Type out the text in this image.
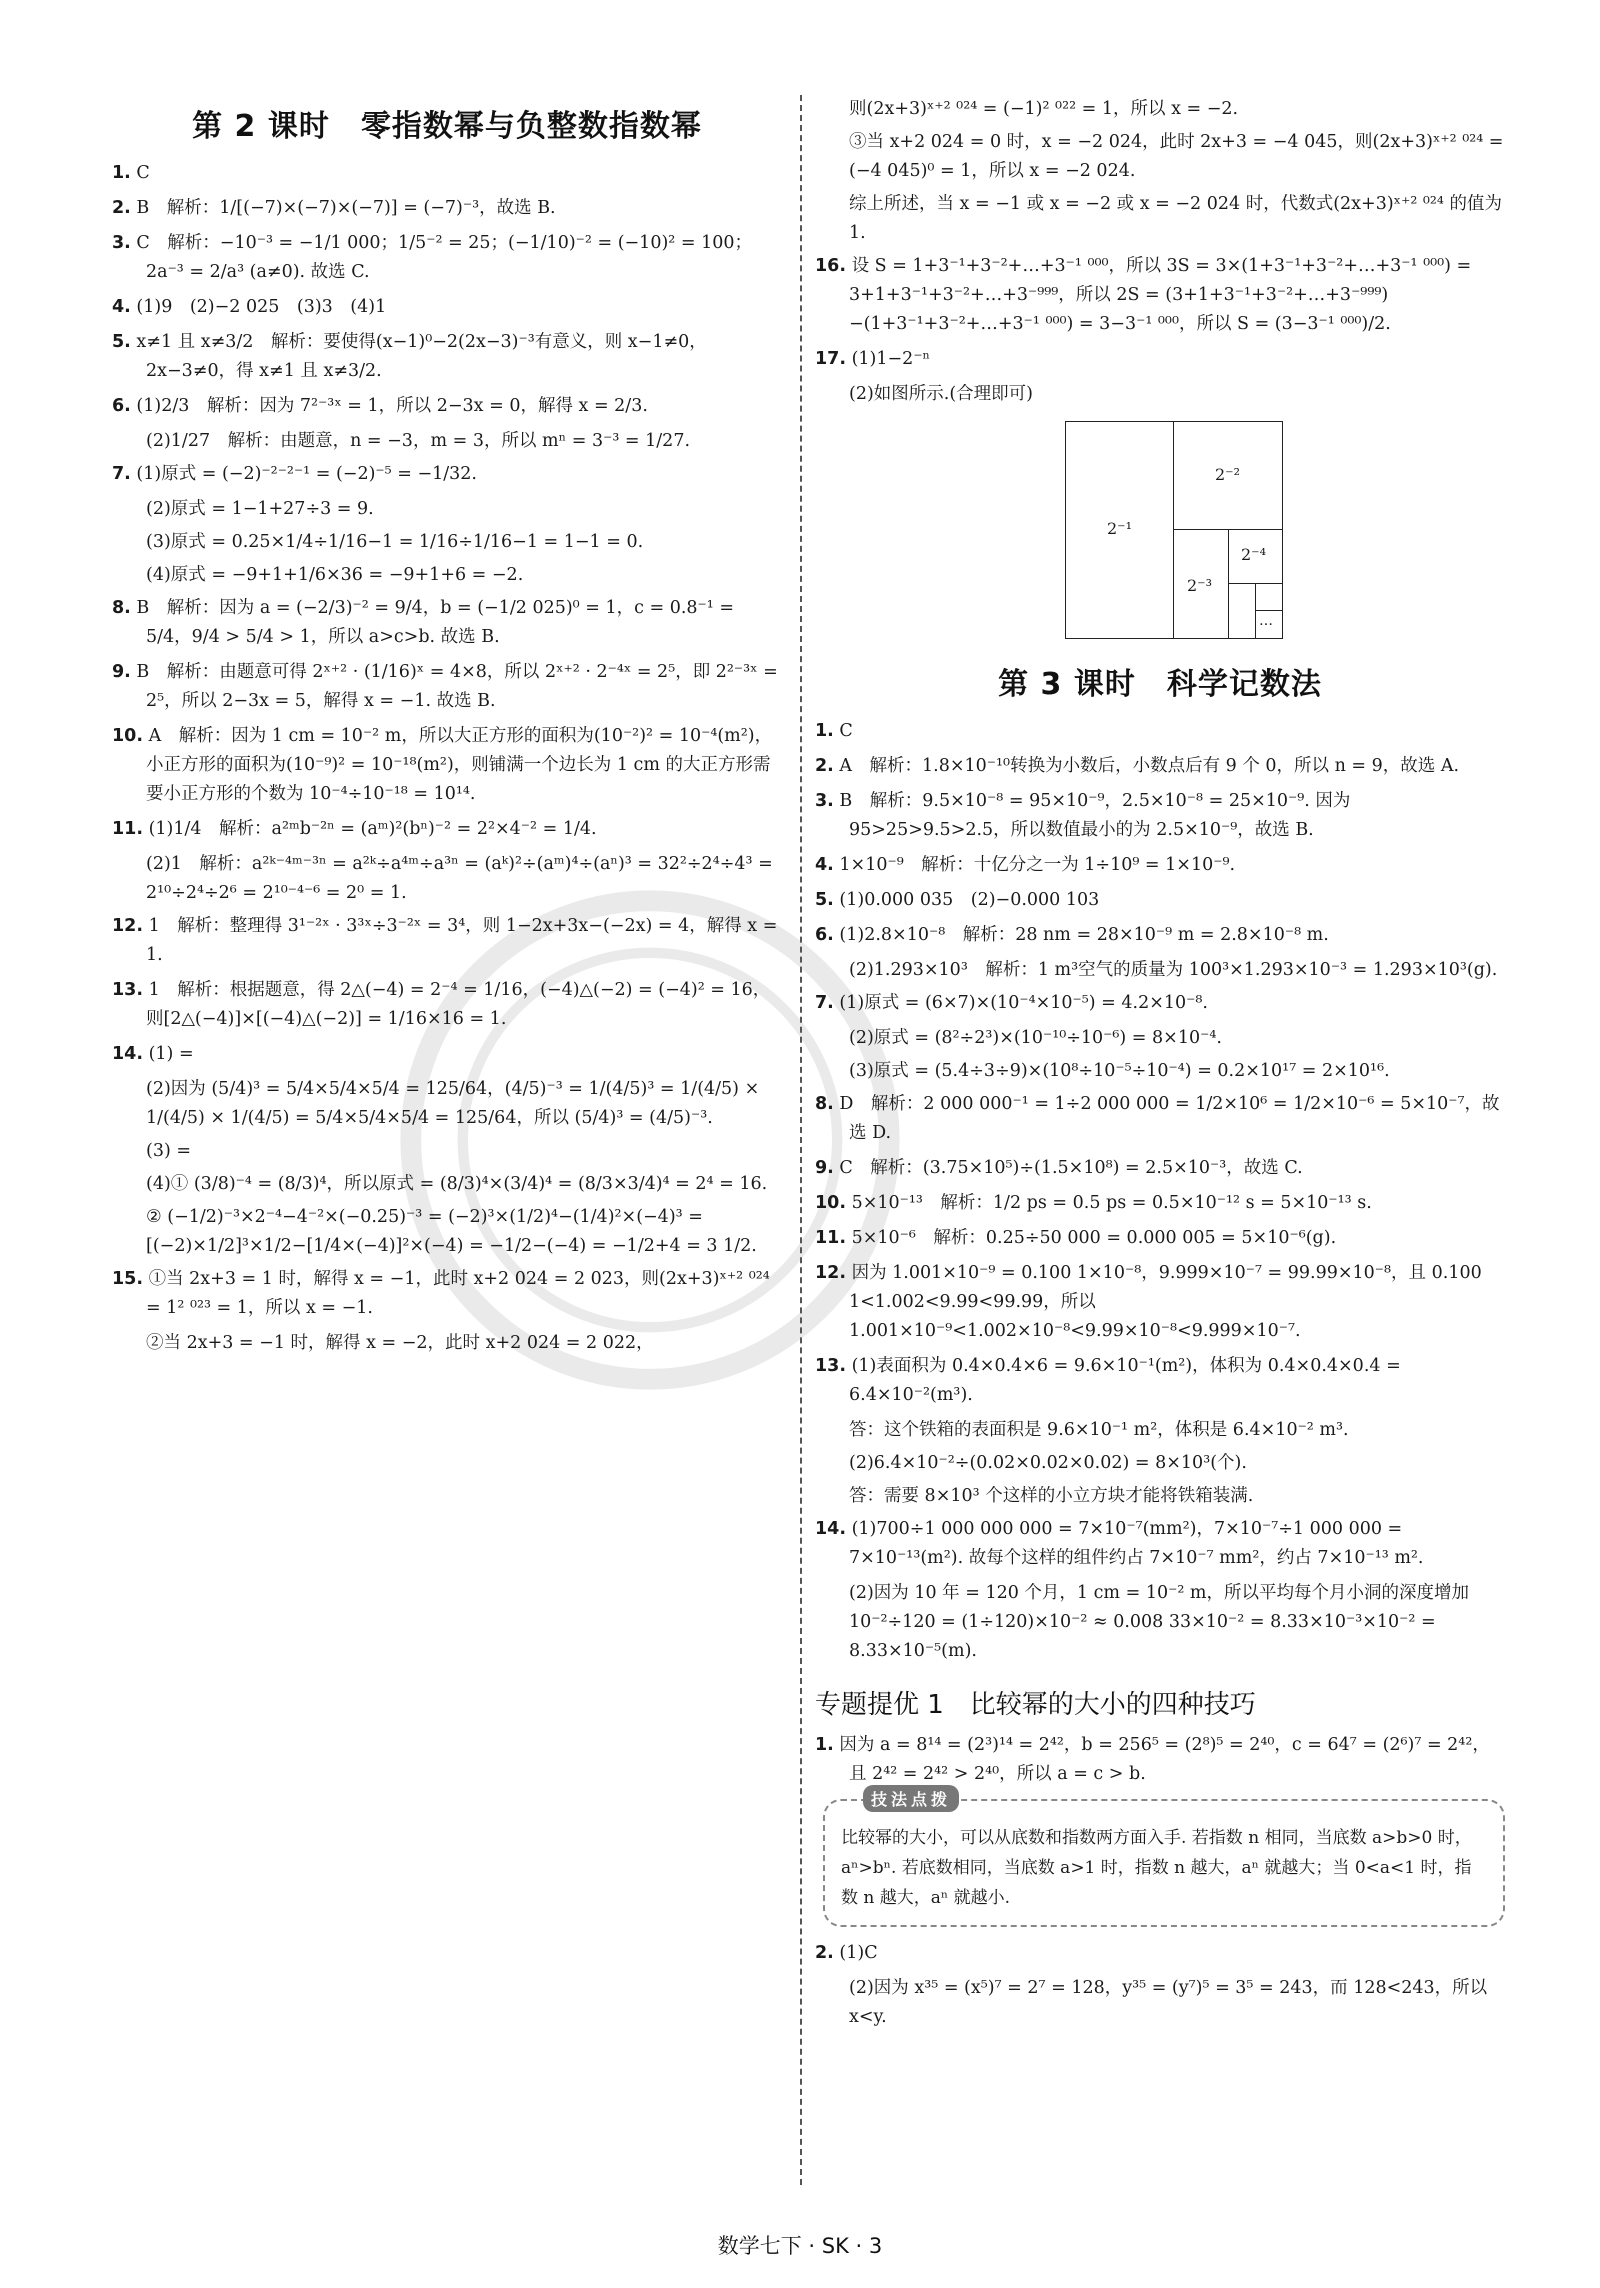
第 2 课时　零指数幂与负整数指数幂
1. C
2. B　解析：1/[(−7)×(−7)×(−7)] = (−7)⁻³，故选 B.
3. C　解析：−10⁻³ = −1/1 000；1/5⁻² = 25；(−1/10)⁻² = (−10)² = 100；2a⁻³ = 2/a³ (a≠0). 故选 C.
4. (1)9　(2)−2 025　(3)3　(4)1
5. x≠1 且 x≠3/2　解析：要使得(x−1)⁰−2(2x−3)⁻³有意义，则 x−1≠0，2x−3≠0，得 x≠1 且 x≠3/2.
6. (1)2/3　解析：因为 7²⁻³ˣ = 1，所以 2−3x = 0，解得 x = 2/3.
(2)1/27　解析：由题意，n = −3，m = 3，所以 mⁿ = 3⁻³ = 1/27.
7. (1)原式 = (−2)⁻²⁻²⁻¹ = (−2)⁻⁵ = −1/32.
(2)原式 = 1−1+27÷3 = 9.
(3)原式 = 0.25×1/4÷1/16−1 = 1/16÷1/16−1 = 1−1 = 0.
(4)原式 = −9+1+1/6×36 = −9+1+6 = −2.
8. B　解析：因为 a = (−2/3)⁻² = 9/4，b = (−1/2 025)⁰ = 1，c = 0.8⁻¹ = 5/4，9/4 > 5/4 > 1，所以 a>c>b. 故选 B.
9. B　解析：由题意可得 2ˣ⁺² · (1/16)ˣ = 4×8，所以 2ˣ⁺² · 2⁻⁴ˣ = 2⁵，即 2²⁻³ˣ = 2⁵，所以 2−3x = 5，解得 x = −1. 故选 B.
10. A　解析：因为 1 cm = 10⁻² m，所以大正方形的面积为(10⁻²)² = 10⁻⁴(m²)，小正方形的面积为(10⁻⁹)² = 10⁻¹⁸(m²)，则铺满一个边长为 1 cm 的大正方形需要小正方形的个数为 10⁻⁴÷10⁻¹⁸ = 10¹⁴.
11. (1)1/4　解析：a²ᵐb⁻²ⁿ = (aᵐ)²(bⁿ)⁻² = 2²×4⁻² = 1/4.
(2)1　解析：a²ᵏ⁻⁴ᵐ⁻³ⁿ = a²ᵏ÷a⁴ᵐ÷a³ⁿ = (aᵏ)²÷(aᵐ)⁴÷(aⁿ)³ = 32²÷2⁴÷4³ = 2¹⁰÷2⁴÷2⁶ = 2¹⁰⁻⁴⁻⁶ = 2⁰ = 1.
12. 1　解析：整理得 3¹⁻²ˣ · 3³ˣ÷3⁻²ˣ = 3⁴，则 1−2x+3x−(−2x) = 4，解得 x = 1.
13. 1　解析：根据题意，得 2△(−4) = 2⁻⁴ = 1/16，(−4)△(−2) = (−4)² = 16，则[2△(−4)]×[(−4)△(−2)] = 1/16×16 = 1.
14. (1) =
(2)因为 (5/4)³ = 5/4×5/4×5/4 = 125/64，(4/5)⁻³ = 1/(4/5)³ = 1/(4/5) × 1/(4/5) × 1/(4/5) = 5/4×5/4×5/4 = 125/64，所以 (5/4)³ = (4/5)⁻³.
(3) =
(4)① (3/8)⁻⁴ = (8/3)⁴，所以原式 = (8/3)⁴×(3/4)⁴ = (8/3×3/4)⁴ = 2⁴ = 16.
② (−1/2)⁻³×2⁻⁴−4⁻²×(−0.25)⁻³ = (−2)³×(1/2)⁴−(1/4)²×(−4)³ = [(−2)×1/2]³×1/2−[1/4×(−4)]²×(−4) = −1/2−(−4) = −1/2+4 = 3 1/2.
15. ①当 2x+3 = 1 时，解得 x = −1，此时 x+2 024 = 2 023，则(2x+3)ˣ⁺² ⁰²⁴ = 1² ⁰²³ = 1，所以 x = −1.
②当 2x+3 = −1 时，解得 x = −2，此时 x+2 024 = 2 022，
则(2x+3)ˣ⁺² ⁰²⁴ = (−1)² ⁰²² = 1，所以 x = −2.
③当 x+2 024 = 0 时，x = −2 024，此时 2x+3 = −4 045，则(2x+3)ˣ⁺² ⁰²⁴ = (−4 045)⁰ = 1，所以 x = −2 024.
综上所述，当 x = −1 或 x = −2 或 x = −2 024 时，代数式(2x+3)ˣ⁺² ⁰²⁴ 的值为 1.
16. 设 S = 1+3⁻¹+3⁻²+…+3⁻¹ ⁰⁰⁰，所以 3S = 3×(1+3⁻¹+3⁻²+…+3⁻¹ ⁰⁰⁰) = 3+1+3⁻¹+3⁻²+…+3⁻⁹⁹⁹，所以 2S = (3+1+3⁻¹+3⁻²+…+3⁻⁹⁹⁹)−(1+3⁻¹+3⁻²+…+3⁻¹ ⁰⁰⁰) = 3−3⁻¹ ⁰⁰⁰，所以 S = (3−3⁻¹ ⁰⁰⁰)/2.
17. (1)1−2⁻ⁿ
(2)如图所示.(合理即可)
2⁻¹
2⁻²
2⁻³
2⁻⁴
…
第 3 课时　科学记数法
1. C
2. A　解析：1.8×10⁻¹⁰转换为小数后，小数点后有 9 个 0，所以 n = 9，故选 A.
3. B　解析：9.5×10⁻⁸ = 95×10⁻⁹，2.5×10⁻⁸ = 25×10⁻⁹. 因为 95>25>9.5>2.5，所以数值最小的为 2.5×10⁻⁹，故选 B.
4. 1×10⁻⁹　解析：十亿分之一为 1÷10⁹ = 1×10⁻⁹.
5. (1)0.000 035　(2)−0.000 103
6. (1)2.8×10⁻⁸　解析：28 nm = 28×10⁻⁹ m = 2.8×10⁻⁸ m.
(2)1.293×10³　解析：1 m³空气的质量为 100³×1.293×10⁻³ = 1.293×10³(g).
7. (1)原式 = (6×7)×(10⁻⁴×10⁻⁵) = 4.2×10⁻⁸.
(2)原式 = (8²÷2³)×(10⁻¹⁰÷10⁻⁶) = 8×10⁻⁴.
(3)原式 = (5.4÷3÷9)×(10⁸÷10⁻⁵÷10⁻⁴) = 0.2×10¹⁷ = 2×10¹⁶.
8. D　解析：2 000 000⁻¹ = 1÷2 000 000 = 1/2×10⁶ = 1/2×10⁻⁶ = 5×10⁻⁷，故选 D.
9. C　解析：(3.75×10⁵)÷(1.5×10⁸) = 2.5×10⁻³，故选 C.
10. 5×10⁻¹³　解析：1/2 ps = 0.5 ps = 0.5×10⁻¹² s = 5×10⁻¹³ s.
11. 5×10⁻⁶　解析：0.25÷50 000 = 0.000 005 = 5×10⁻⁶(g).
12. 因为 1.001×10⁻⁹ = 0.100 1×10⁻⁸，9.999×10⁻⁷ = 99.99×10⁻⁸，且 0.100 1<1.002<9.99<99.99，所以 1.001×10⁻⁹<1.002×10⁻⁸<9.99×10⁻⁸<9.999×10⁻⁷.
13. (1)表面积为 0.4×0.4×6 = 9.6×10⁻¹(m²)，体积为 0.4×0.4×0.4 = 6.4×10⁻²(m³).
答：这个铁箱的表面积是 9.6×10⁻¹ m²，体积是 6.4×10⁻² m³.
(2)6.4×10⁻²÷(0.02×0.02×0.02) = 8×10³(个).
答：需要 8×10³ 个这样的小立方块才能将铁箱装满.
14. (1)700÷1 000 000 000 = 7×10⁻⁷(mm²)，7×10⁻⁷÷1 000 000 = 7×10⁻¹³(m²). 故每个这样的组件约占 7×10⁻⁷ mm²，约占 7×10⁻¹³ m².
(2)因为 10 年 = 120 个月，1 cm = 10⁻² m，所以平均每个月小洞的深度增加 10⁻²÷120 = (1÷120)×10⁻² ≈ 0.008 33×10⁻² = 8.33×10⁻³×10⁻² = 8.33×10⁻⁵(m).
专题提优 1　比较幂的大小的四种技巧
1. 因为 a = 8¹⁴ = (2³)¹⁴ = 2⁴²，b = 256⁵ = (2⁸)⁵ = 2⁴⁰，c = 64⁷ = (2⁶)⁷ = 2⁴²，且 2⁴² = 2⁴² > 2⁴⁰，所以 a = c > b.
技法点拨
比较幂的大小，可以从底数和指数两方面入手. 若指数 n 相同，当底数 a>b>0 时，aⁿ>bⁿ. 若底数相同，当底数 a>1 时，指数 n 越大，aⁿ 就越大；当 0<a<1 时，指数 n 越大，aⁿ 就越小.
2. (1)C
(2)因为 x³⁵ = (x⁵)⁷ = 2⁷ = 128，y³⁵ = (y⁷)⁵ = 3⁵ = 243，而 128<243，所以 x<y.
数学七下 · SK · 3
